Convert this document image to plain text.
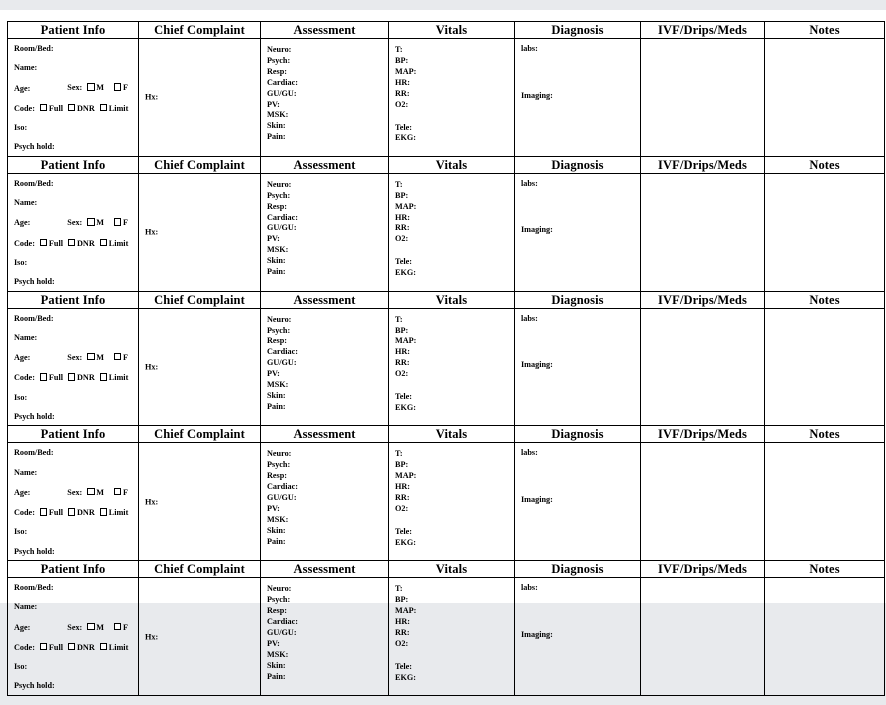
Patient Info	Chief Complaint	Assessment	Vitals	Diagnosis	IVF/Drips/Meds	Notes

Room/Bed:
Name:
Age:	Sex: M F
Code: Full DNR Limit
Iso:
Psych hold:

Hx:

Neuro:
Psych:
Resp:
Cardiac:
GU/GU:
PV:
MSK:
Skin:
Pain:

T:
BP:
MAP:
HR:
RR:
O2:
Tele:
EKG:

labs:
Imaging:

Patient Info	Chief Complaint	Assessment	Vitals	Diagnosis	IVF/Drips/Meds	Notes

Room/Bed:
Name:
Age:	Sex: M F
Code: Full DNR Limit
Iso:
Psych hold:

Hx:

Neuro:
Psych:
Resp:
Cardiac:
GU/GU:
PV:
MSK:
Skin:
Pain:

T:
BP:
MAP:
HR:
RR:
O2:
Tele:
EKG:

labs:
Imaging:

Patient Info	Chief Complaint	Assessment	Vitals	Diagnosis	IVF/Drips/Meds	Notes

Room/Bed:
Name:
Age:	Sex: M F
Code: Full DNR Limit
Iso:
Psych hold:

Hx:

Neuro:
Psych:
Resp:
Cardiac:
GU/GU:
PV:
MSK:
Skin:
Pain:

T:
BP:
MAP:
HR:
RR:
O2:
Tele:
EKG:

labs:
Imaging:

Patient Info	Chief Complaint	Assessment	Vitals	Diagnosis	IVF/Drips/Meds	Notes

Room/Bed:
Name:
Age:	Sex: M F
Code: Full DNR Limit
Iso:
Psych hold:

Hx:

Neuro:
Psych:
Resp:
Cardiac:
GU/GU:
PV:
MSK:
Skin:
Pain:

T:
BP:
MAP:
HR:
RR:
O2:
Tele:
EKG:

labs:
Imaging:

Patient Info	Chief Complaint	Assessment	Vitals	Diagnosis	IVF/Drips/Meds	Notes

Room/Bed:
Name:
Age:	Sex: M F
Code: Full DNR Limit
Iso:
Psych hold:

Hx:

Neuro:
Psych:
Resp:
Cardiac:
GU/GU:
PV:
MSK:
Skin:
Pain:

T:
BP:
MAP:
HR:
RR:
O2:
Tele:
EKG:

labs:
Imaging:
